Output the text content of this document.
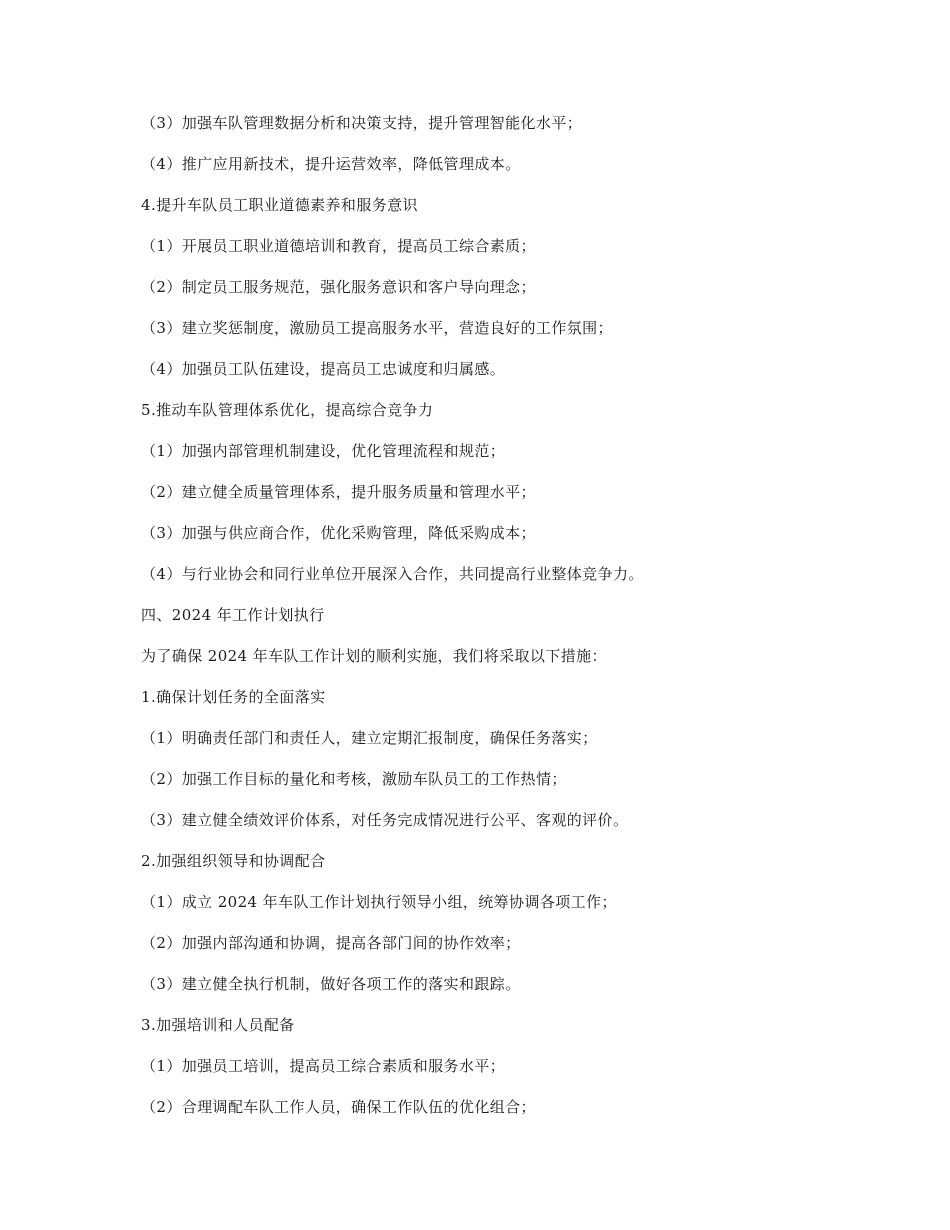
（3）加强车队管理数据分析和决策支持，提升管理智能化水平；
（4）推广应用新技术，提升运营效率，降低管理成本。
4.提升车队员工职业道德素养和服务意识
（1）开展员工职业道德培训和教育，提高员工综合素质；
（2）制定员工服务规范，强化服务意识和客户导向理念；
（3）建立奖惩制度，激励员工提高服务水平，营造良好的工作氛围；
（4）加强员工队伍建设，提高员工忠诚度和归属感。
5.推动车队管理体系优化，提高综合竞争力
（1）加强内部管理机制建设，优化管理流程和规范；
（2）建立健全质量管理体系，提升服务质量和管理水平；
（3）加强与供应商合作，优化采购管理，降低采购成本；
（4）与行业协会和同行业单位开展深入合作，共同提高行业整体竞争力。
四、2024 年工作计划执行
为了确保 2024 年车队工作计划的顺利实施，我们将采取以下措施：
1.确保计划任务的全面落实
（1）明确责任部门和责任人，建立定期汇报制度，确保任务落实；
（2）加强工作目标的量化和考核，激励车队员工的工作热情；
（3）建立健全绩效评价体系，对任务完成情况进行公平、客观的评价。
2.加强组织领导和协调配合
（1）成立 2024 年车队工作计划执行领导小组，统筹协调各项工作；
（2）加强内部沟通和协调，提高各部门间的协作效率；
（3）建立健全执行机制，做好各项工作的落实和跟踪。
3.加强培训和人员配备
（1）加强员工培训，提高员工综合素质和服务水平；
（2）合理调配车队工作人员，确保工作队伍的优化组合；
